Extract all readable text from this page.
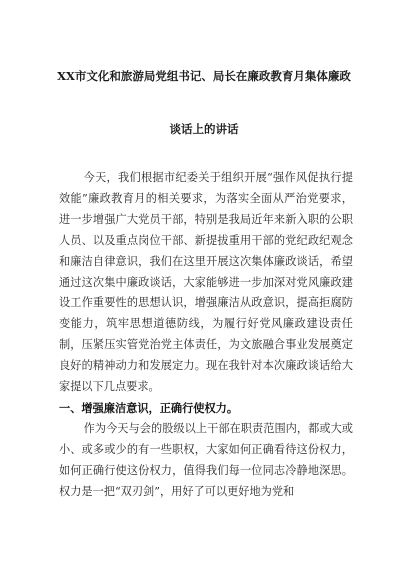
XX市文化和旅游局党组书记、局长在廉政教育月集体廉政
谈话上的讲话

今天，我们根据市纪委关于组织开展“强作风促执行提效能”廉政教育月的相关要求，为落实全面从严治党要求，进一步增强广大党员干部，特别是我局近年来新入职的公职人员、以及重点岗位干部、新提拔重用干部的党纪政纪观念和廉洁自律意识，我们在这里开展这次集体廉政谈话，希望通过这次集中廉政谈话，大家能够进一步加深对党风廉政建设工作重要性的思想认识，增强廉洁从政意识，提高拒腐防变能力，筑牢思想道德防线，为履行好党风廉政建设责任制，压紧压实管党治党主体责任，为文旅融合事业发展奠定良好的精神动力和发展定力。现在我针对本次廉政谈话给大家提以下几点要求。

一、增强廉洁意识，正确行使权力。

作为今天与会的股级以上干部在职责范围内，都或大或小、或多或少的有一些职权，大家如何正确看待这份权力，如何正确行使这份权力，值得我们每一位同志冷静地深思。权力是一把“双刃剑”，用好了可以更好地为党和
